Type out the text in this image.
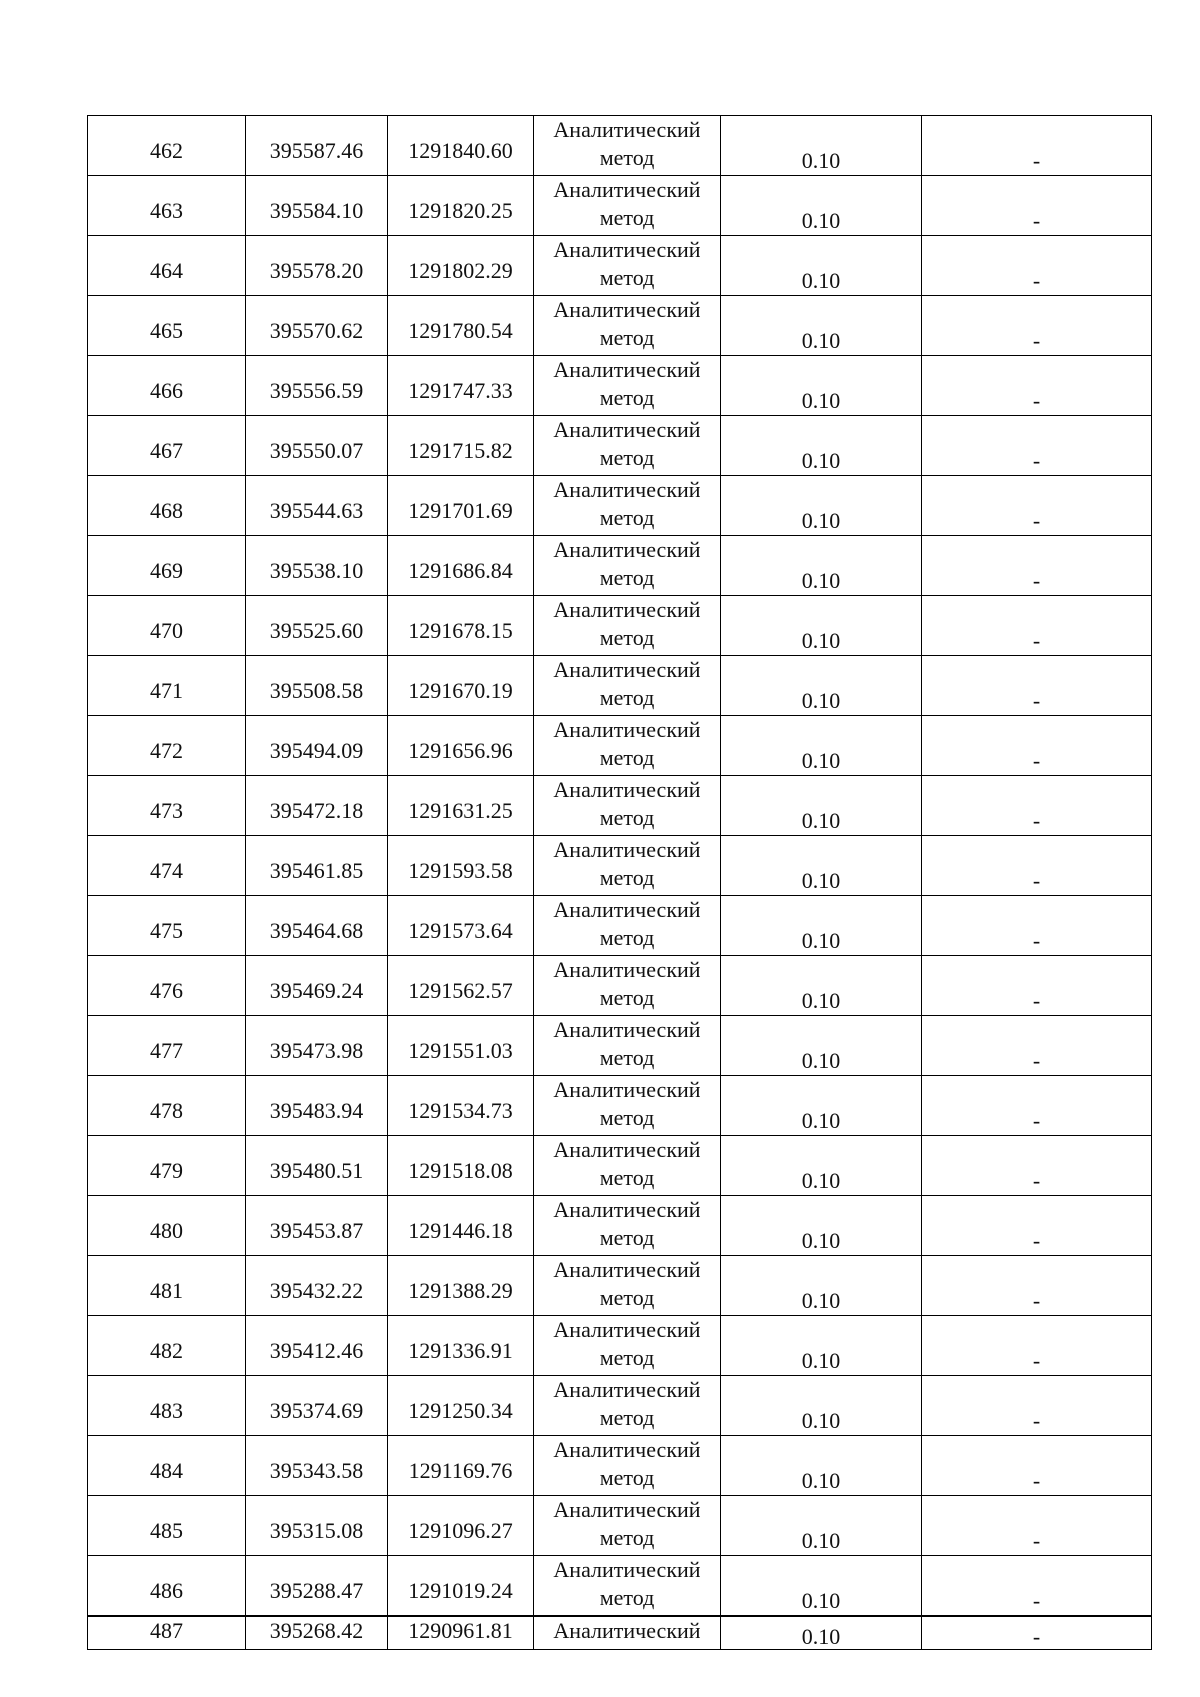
462	395587.46	1291840.60	Аналитический
метод	0.10	-
463	395584.10	1291820.25	Аналитический
метод	0.10	-
464	395578.20	1291802.29	Аналитический
метод	0.10	-
465	395570.62	1291780.54	Аналитический
метод	0.10	-
466	395556.59	1291747.33	Аналитический
метод	0.10	-
467	395550.07	1291715.82	Аналитический
метод	0.10	-
468	395544.63	1291701.69	Аналитический
метод	0.10	-
469	395538.10	1291686.84	Аналитический
метод	0.10	-
470	395525.60	1291678.15	Аналитический
метод	0.10	-
471	395508.58	1291670.19	Аналитический
метод	0.10	-
472	395494.09	1291656.96	Аналитический
метод	0.10	-
473	395472.18	1291631.25	Аналитический
метод	0.10	-
474	395461.85	1291593.58	Аналитический
метод	0.10	-
475	395464.68	1291573.64	Аналитический
метод	0.10	-
476	395469.24	1291562.57	Аналитический
метод	0.10	-
477	395473.98	1291551.03	Аналитический
метод	0.10	-
478	395483.94	1291534.73	Аналитический
метод	0.10	-
479	395480.51	1291518.08	Аналитический
метод	0.10	-
480	395453.87	1291446.18	Аналитический
метод	0.10	-
481	395432.22	1291388.29	Аналитический
метод	0.10	-
482	395412.46	1291336.91	Аналитический
метод	0.10	-
483	395374.69	1291250.34	Аналитический
метод	0.10	-
484	395343.58	1291169.76	Аналитический
метод	0.10	-
485	395315.08	1291096.27	Аналитический
метод	0.10	-
486	395288.47	1291019.24	Аналитический
метод	0.10	-
487	395268.42	1290961.81	Аналитический	0.10	-
